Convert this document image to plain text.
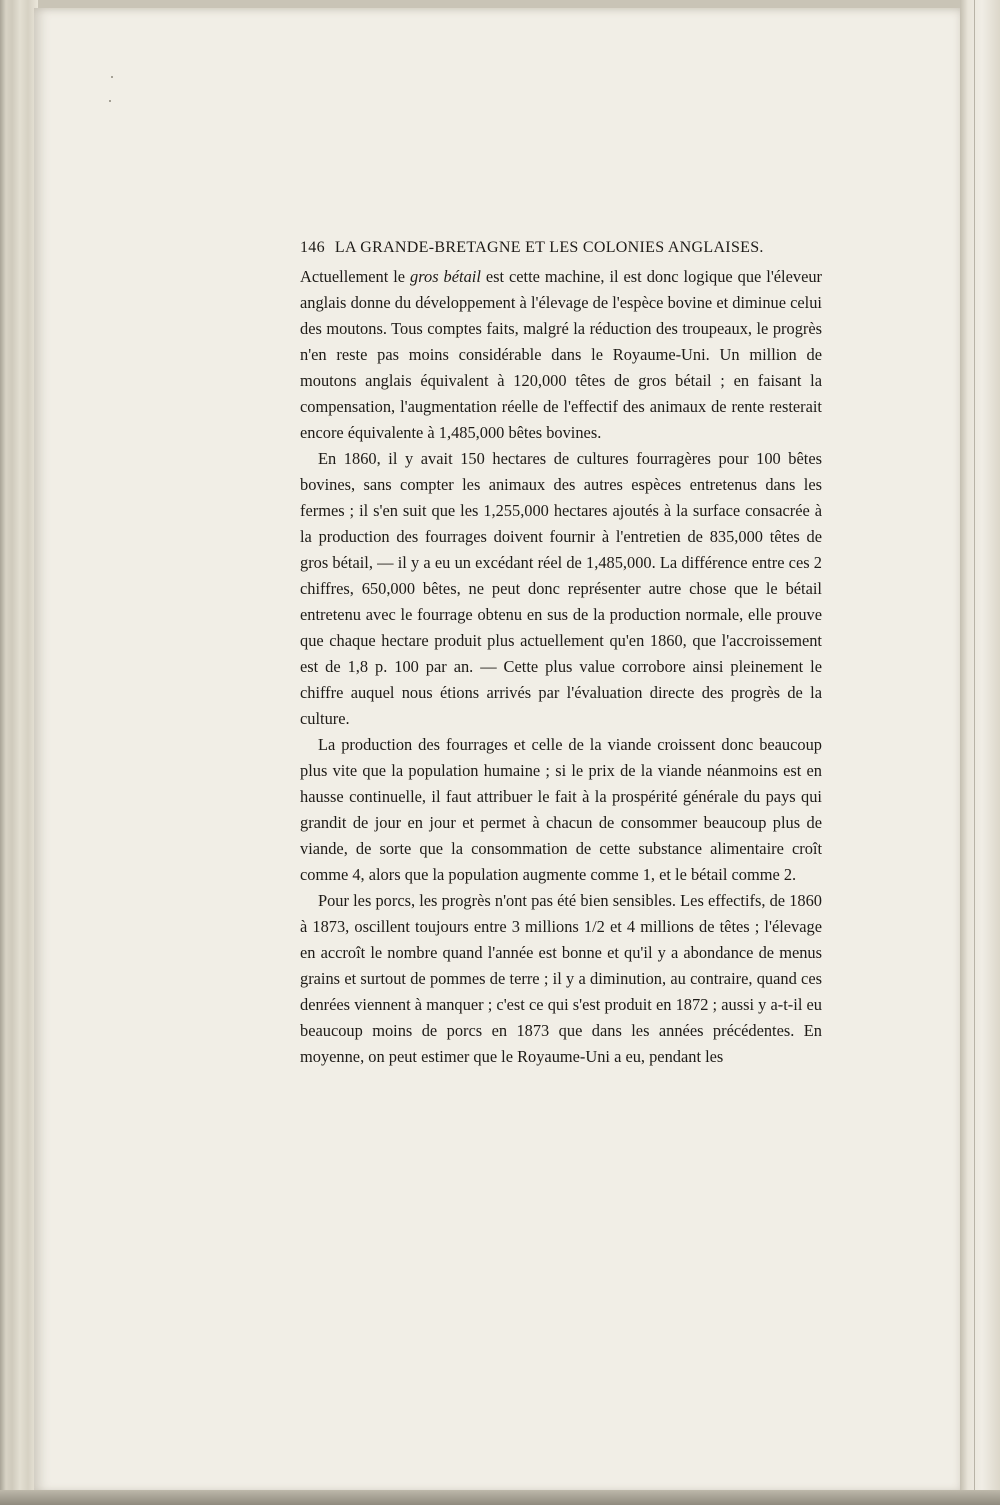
146 LA GRANDE-BRETAGNE ET LES COLONIES ANGLAISES.

Actuellement le gros bétail est cette machine, il est donc logique que l'éleveur anglais donne du développement à l'élevage de l'espèce bovine et diminue celui des moutons. Tous comptes faits, malgré la réduction des troupeaux, le progrès n'en reste pas moins considérable dans le Royaume-Uni. Un million de moutons anglais équivalent à 120,000 têtes de gros bétail ; en faisant la compensation, l'augmentation réelle de l'effectif des animaux de rente resterait encore équivalente à 1,485,000 bêtes bovines.

En 1860, il y avait 150 hectares de cultures fourragères pour 100 bêtes bovines, sans compter les animaux des autres espèces entretenus dans les fermes ; il s'en suit que les 1,255,000 hectares ajoutés à la surface consacrée à la production des fourrages doivent fournir à l'entretien de 835,000 têtes de gros bétail, — il y a eu un excédant réel de 1,485,000. La différence entre ces 2 chiffres, 650,000 bêtes, ne peut donc représenter autre chose que le bétail entretenu avec le fourrage obtenu en sus de la production normale, elle prouve que chaque hectare produit plus actuellement qu'en 1860, que l'accroissement est de 1,8 p. 100 par an. — Cette plus value corrobore ainsi pleinement le chiffre auquel nous étions arrivés par l'évaluation directe des progrès de la culture.

La production des fourrages et celle de la viande croissent donc beaucoup plus vite que la population humaine ; si le prix de la viande néanmoins est en hausse continuelle, il faut attribuer le fait à la prospérité générale du pays qui grandit de jour en jour et permet à chacun de consommer beaucoup plus de viande, de sorte que la consommation de cette substance alimentaire croît comme 4, alors que la population augmente comme 1, et le bétail comme 2.

Pour les porcs, les progrès n'ont pas été bien sensibles. Les effectifs, de 1860 à 1873, oscillent toujours entre 3 millions 1/2 et 4 millions de têtes ; l'élevage en accroît le nombre quand l'année est bonne et qu'il y a abondance de menus grains et surtout de pommes de terre ; il y a diminution, au contraire, quand ces denrées viennent à manquer ; c'est ce qui s'est produit en 1872 ; aussi y a-t-il eu beaucoup moins de porcs en 1873 que dans les années précédentes. En moyenne, on peut estimer que le Royaume-Uni a eu, pendant les
